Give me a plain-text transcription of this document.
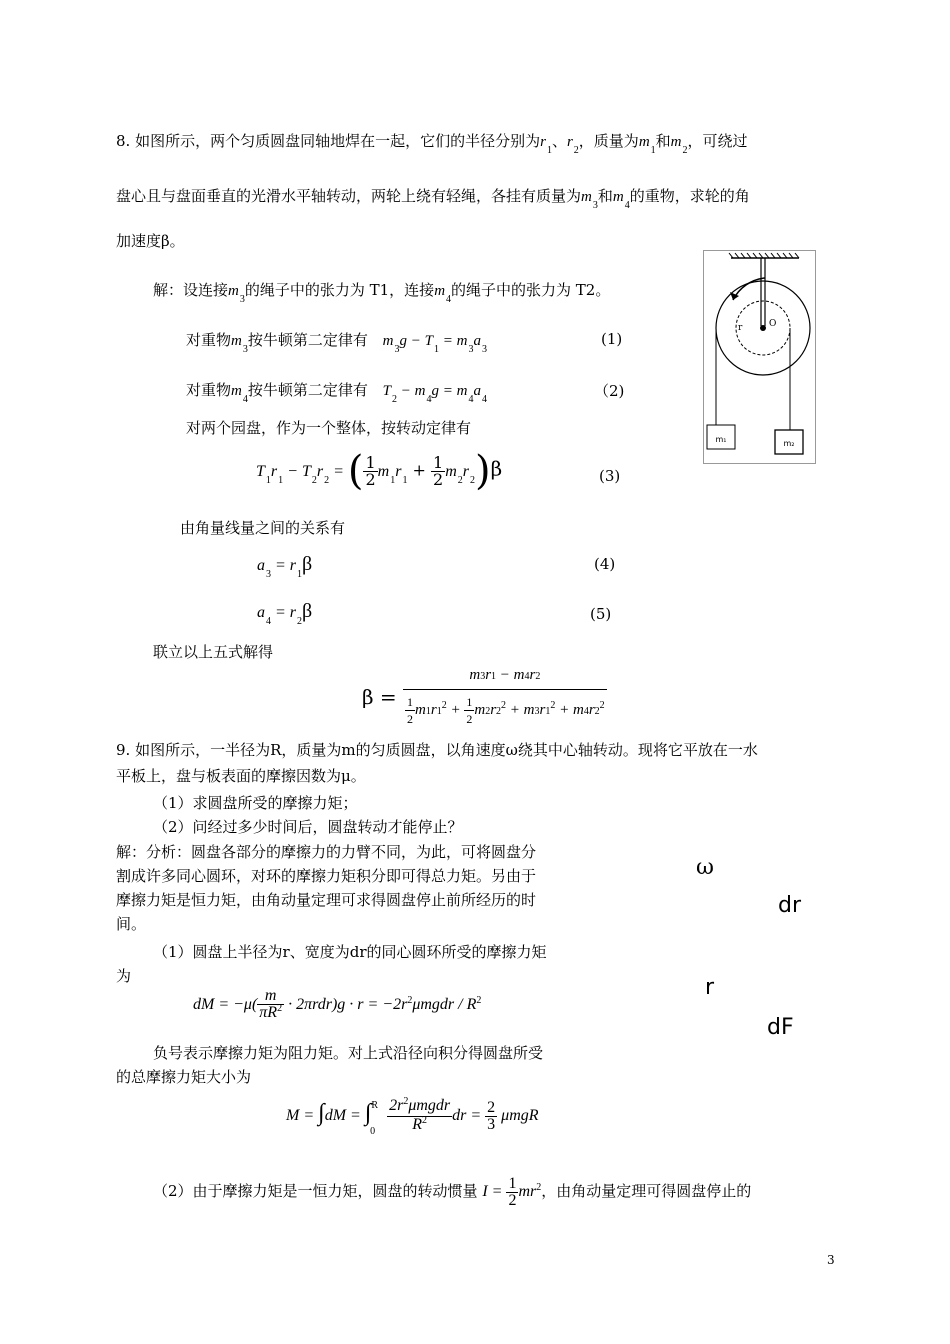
8. 如图所示，两个匀质圆盘同轴地焊在一起，它们的半径分别为$r_1$、$r_2$，质量为$m_1$和$m_2$，可绕过
盘心且与盘面垂直的光滑水平轴转动，两轮上绕有轻绳，各挂有质量为$m_3$和$m_4$的重物，求轮的角
加速度β。
m₁	m₂
r	O
解：设连接$m_3$的绳子中的张力为 T1，连接$m_4$的绳子中的张力为 T2。
对重物$m_3$按牛顿第二定律有 $m_3g - T_1 = m_3a_3$
(1)
对重物$m_4$按牛顿第二定律有 $T_2 - m_4g = m_4a_4$	（2)
对两个园盘，作为一个整体，按转动定律有
$T_1r_1 - T_2r_2$ = ( $\frac{1}{2} m_1r_1 + \frac{1}{2} m_2r_2)\beta$	(3)
由角量线量之间的关系有
$a_3 = r_1\beta$	(4)
$a_4 = r_2\beta$	(5)
联立以上五式解得
$\beta = \frac{m3r1 - m4r2}{\frac{1}{2} m1r1^2 + \frac{1}{2} m2r2^2 + m3r1^2 + m4r2^2}$
9. 如图所示，一半径为R，质量为m的匀质圆盘，以角速度ω绕其中心轴转动。现将它平放在一水
平板上，盘与板表面的摩擦因数为μ。
（1）求圆盘所受的摩擦力矩；
（2）问经过多少时间后，圆盘转动才能停止？
解：分析：圆盘各部分的摩擦力的力臂不同，为此，可将圆盘分
割成许多同心圆环，对环的摩擦力矩积分即可得总力矩。另由于
摩擦力矩是恒力矩，由角动量定理可求得圆盘停止前所经历的时
间。
（1）圆盘上半径为r、宽度为dr的同心圆环所受的摩擦力矩
为
dM = $-\mu( \frac{m}{\pi R^2} \cdot 2\pi rdr)g \cdot r$ = $-2r^2\mu mgdr / R^2$
负号表示摩擦力矩为阻力矩。对上式沿径向积分得圆盘所受
的总摩擦力矩大小为
$M = \int dM = \int^R_0 \frac{2r^2\mu mgdr}{R^2}$ dr = $\frac{2}{3}$ μmgR
（2）由于摩擦力矩是一恒力矩，圆盘的转动惯量 $I = \frac{1}{2} mr^2$，由角动量定理可得圆盘停止的
ω
dr
r
dF
3
